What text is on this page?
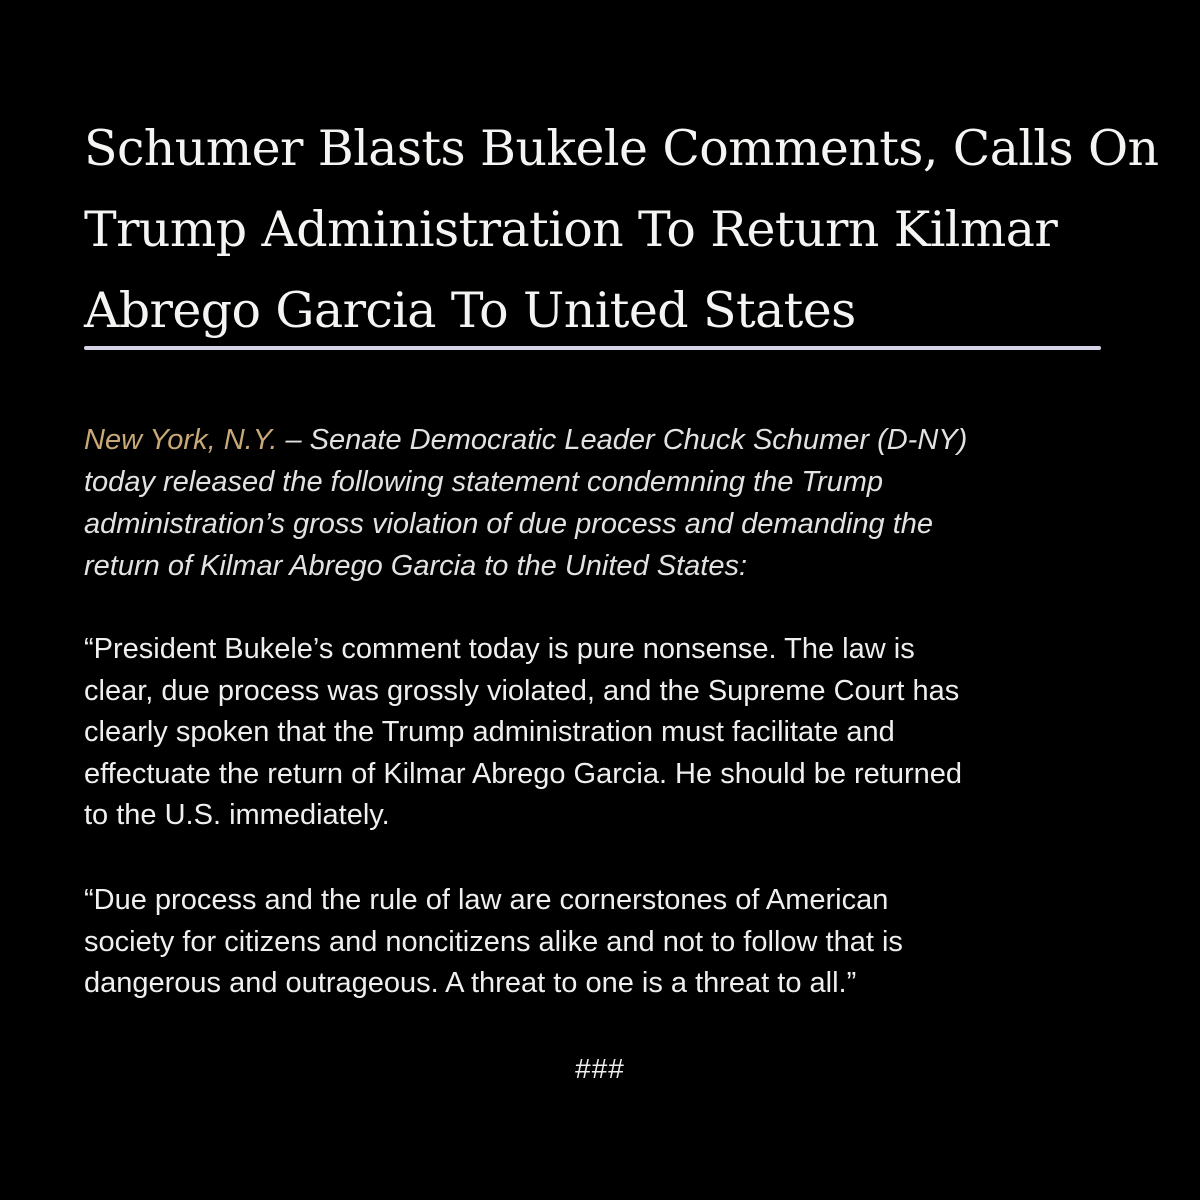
Schumer Blasts Bukele Comments, Calls On
Trump Administration To Return Kilmar
Abrego Garcia To United States

New York, N.Y. – Senate Democratic Leader Chuck Schumer (D-NY)
today released the following statement condemning the Trump
administration’s gross violation of due process and demanding the
return of Kilmar Abrego Garcia to the United States:

“President Bukele’s comment today is pure nonsense. The law is
clear, due process was grossly violated, and the Supreme Court has
clearly spoken that the Trump administration must facilitate and
effectuate the return of Kilmar Abrego Garcia. He should be returned
to the U.S. immediately.

“Due process and the rule of law are cornerstones of American
society for citizens and noncitizens alike and not to follow that is
dangerous and outrageous. A threat to one is a threat to all.”

###
